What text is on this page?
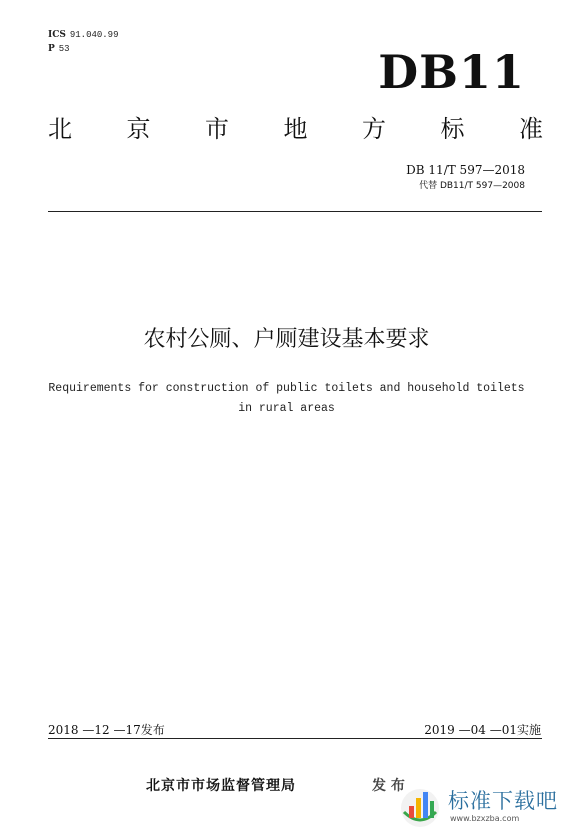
ICS 91.040.99
P 53	DB11
北 京 市 地 方 标 准
DB 11/T 597—2018
代替 DB11/T 597—2008
农村公厕、户厕建设基本要求
Requirements for construction of public toilets and household toilets
in rural areas
2018 —12 —17发布	2019 —04 —01实施
北京市市场监督管理局	发 布
标准下载吧
www.bzxzba.com
